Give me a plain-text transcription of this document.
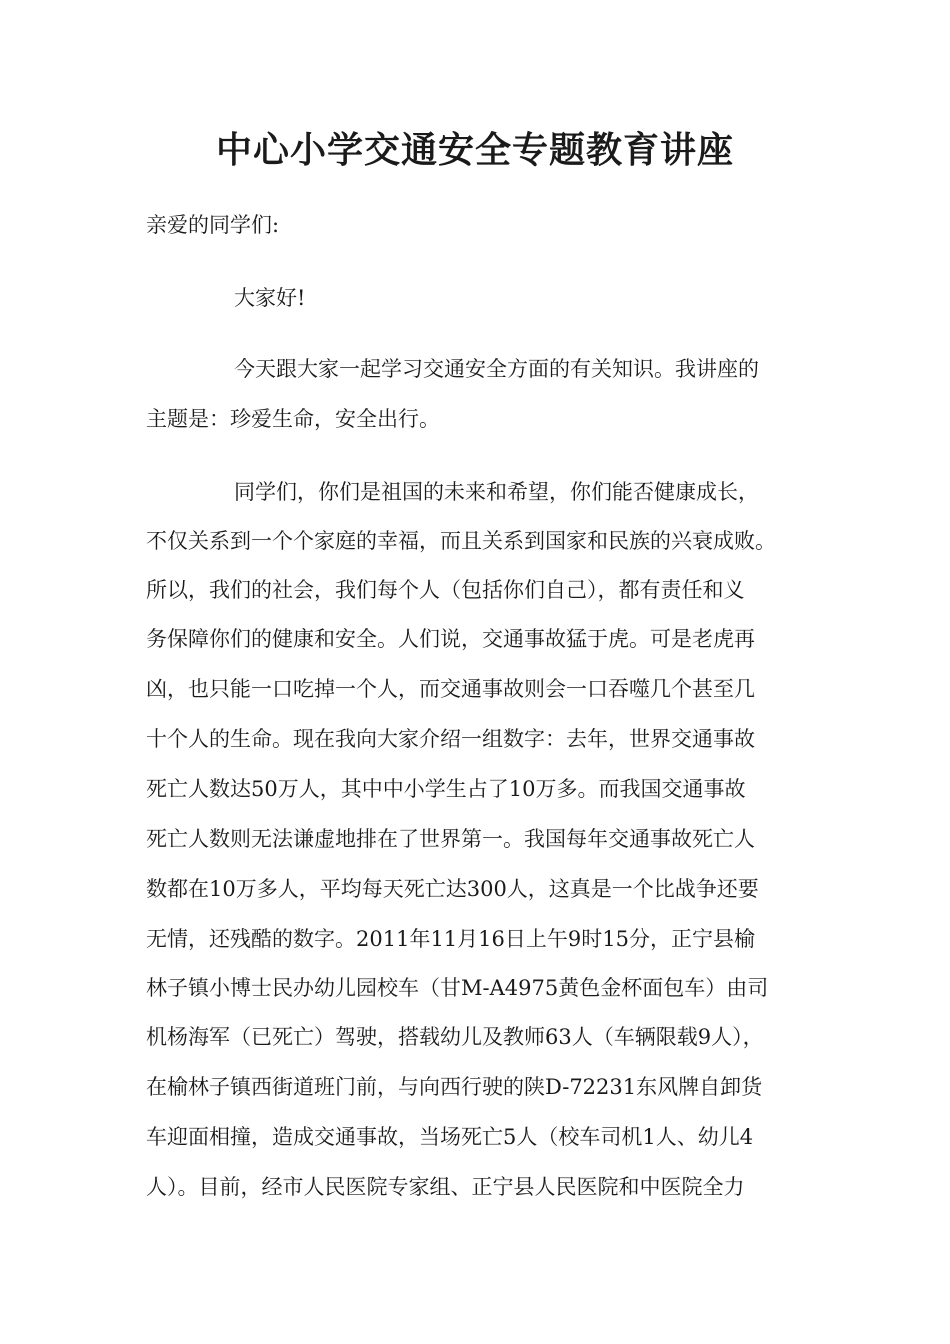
中心小学交通安全专题教育讲座

亲爱的同学们:

大家好!

今天跟大家一起学习交通安全方面的有关知识。我讲座的

主题是：珍爱生命，安全出行。

同学们，你们是祖国的未来和希望，你们能否健康成长，

不仅关系到一个个家庭的幸福，而且关系到国家和民族的兴衰成败。

所以，我们的社会，我们每个人（包括你们自己），都有责任和义

务保障你们的健康和安全。人们说，交通事故猛于虎。可是老虎再

凶，也只能一口吃掉一个人，而交通事故则会一口吞噬几个甚至几

十个人的生命。现在我向大家介绍一组数字：去年，世界交通事故

死亡人数达50万人，其中中小学生占了10万多。而我国交通事故

死亡人数则无法谦虚地排在了世界第一。我国每年交通事故死亡人

数都在10万多人，平均每天死亡达300人，这真是一个比战争还要

无情，还残酷的数字。2011年11月16日上午9时15分，正宁县榆

林子镇小博士民办幼儿园校车（甘M-A4975黄色金杯面包车）由司

机杨海军（已死亡）驾驶，搭载幼儿及教师63人（车辆限载9人），

在榆林子镇西街道班门前，与向西行驶的陕D-72231东风牌自卸货

车迎面相撞，造成交通事故，当场死亡5人（校车司机1人、幼儿4

人）。目前，经市人民医院专家组、正宁县人民医院和中医院全力
